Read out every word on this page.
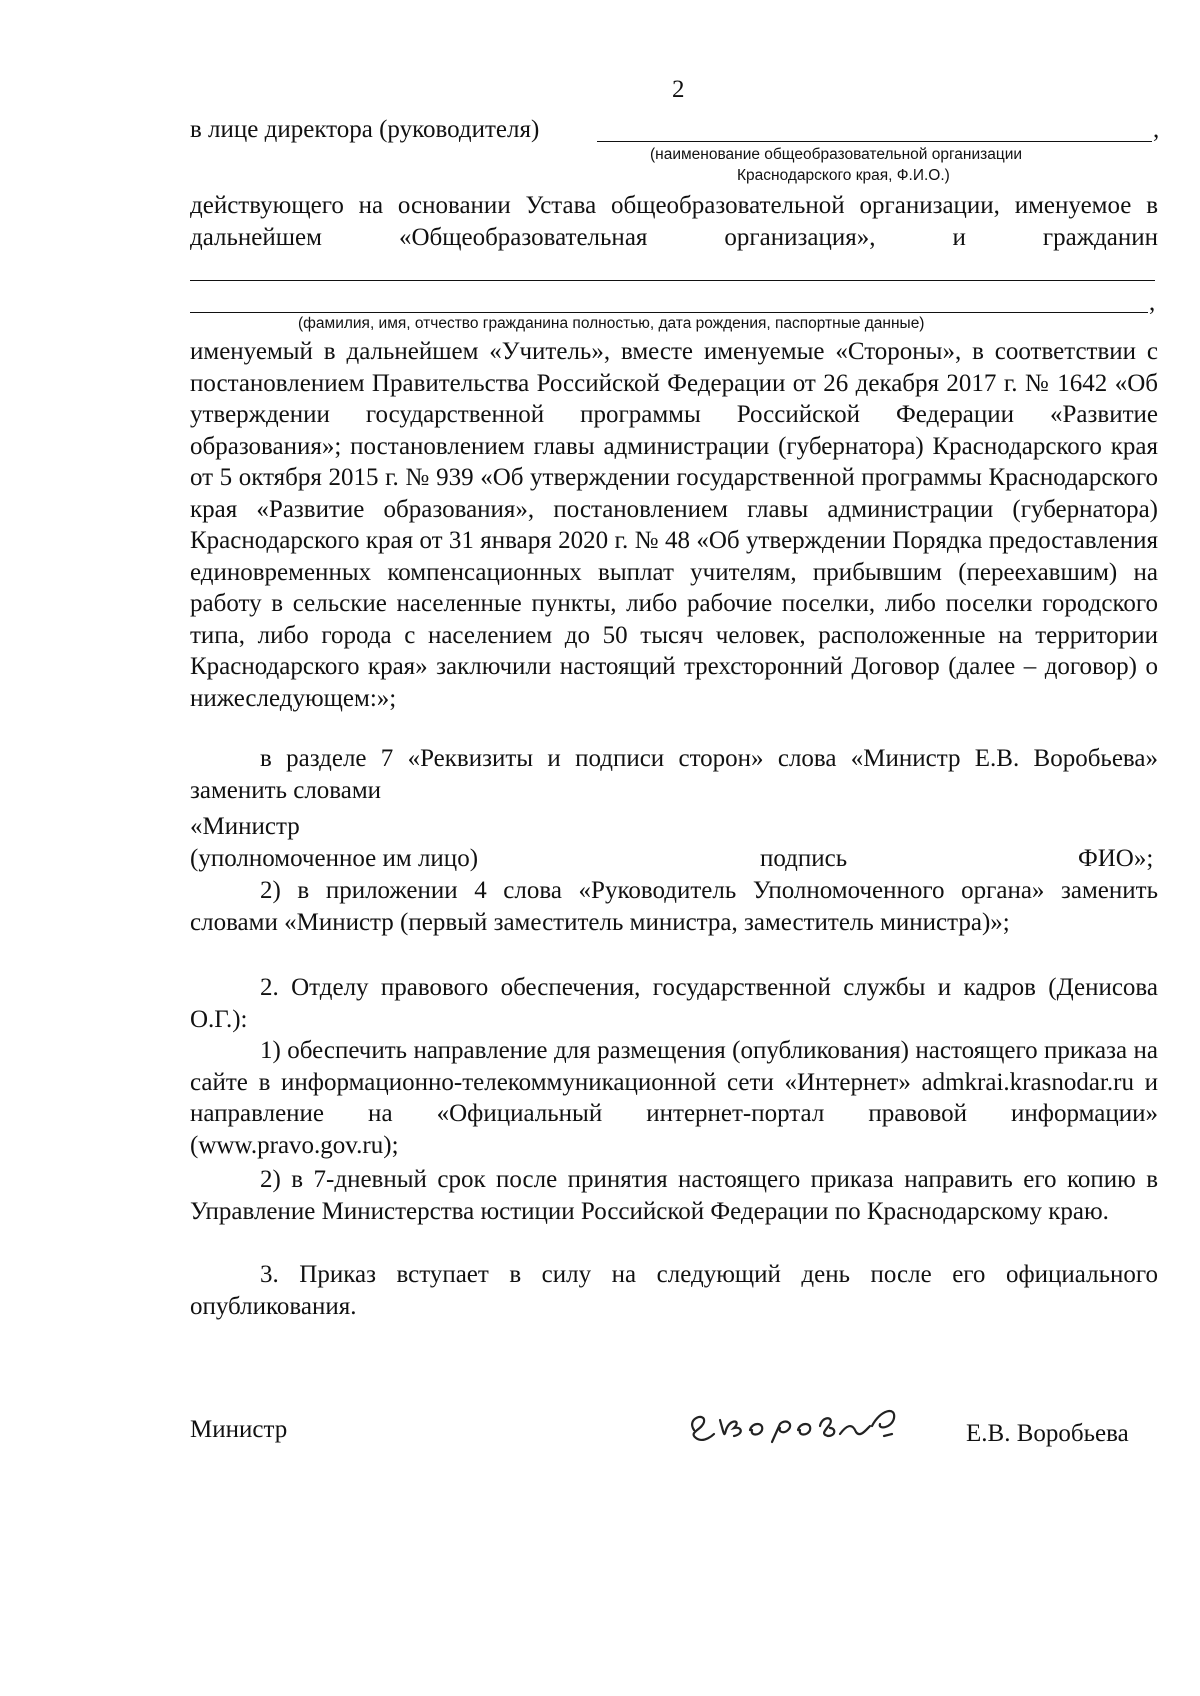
2
в лице директора (руководителя)	,
(наименование общеобразовательной организации
Краснодарского края, Ф.И.О.)
действующего на основании Устава общеобразовательной организации, именуемое в дальнейшем «Общеобразовательная организация», и гражданин
,
(фамилия, имя, отчество гражданина полностью, дата рождения, паспортные данные)
именуемый в дальнейшем «Учитель», вместе именуемые «Стороны», в соответствии с постановлением Правительства Российской Федерации от 26 декабря 2017 г. № 1642 «Об утверждении государственной программы Российской Федерации «Развитие образования»; постановлением главы администрации (губернатора) Краснодарского края от 5 октября 2015 г. № 939 «Об утверждении государственной программы Краснодарского края «Развитие образования», постановлением главы администрации (губернатора) Краснодарского края от 31 января 2020 г. № 48 «Об утверждении Порядка предоставления единовременных компенсационных выплат учителям, прибывшим (переехавшим) на работу в сельские населенные пункты, либо рабочие поселки, либо поселки городского типа, либо города с населением до 50 тысяч человек, расположенные на территории Краснодарского края» заключили настоящий трехсторонний Договор (далее – договор) о нижеследующем:»;
в разделе 7 «Реквизиты и подписи сторон» слова «Министр Е.В. Воробьева» заменить словами
«Министр
(уполномоченное им лицо)	подпись	ФИО»;
2) в приложении 4 слова «Руководитель Уполномоченного органа» заменить словами «Министр (первый заместитель министра, заместитель министра)»;
2. Отделу правового обеспечения, государственной службы и кадров (Денисова О.Г.):
1) обеспечить направление для размещения (опубликования) настоящего приказа на сайте в информационно-телекоммуникационной сети «Интернет» admkrai.krasnodar.ru и направление на «Официальный интернет-портал правовой информации» (www.pravo.gov.ru);
2) в 7-дневный срок после принятия настоящего приказа направить его копию в Управление Министерства юстиции Российской Федерации по Краснодарскому краю.
3. Приказ вступает в силу на следующий день после его официального опубликования.
Министр	Е.В. Воробьева
